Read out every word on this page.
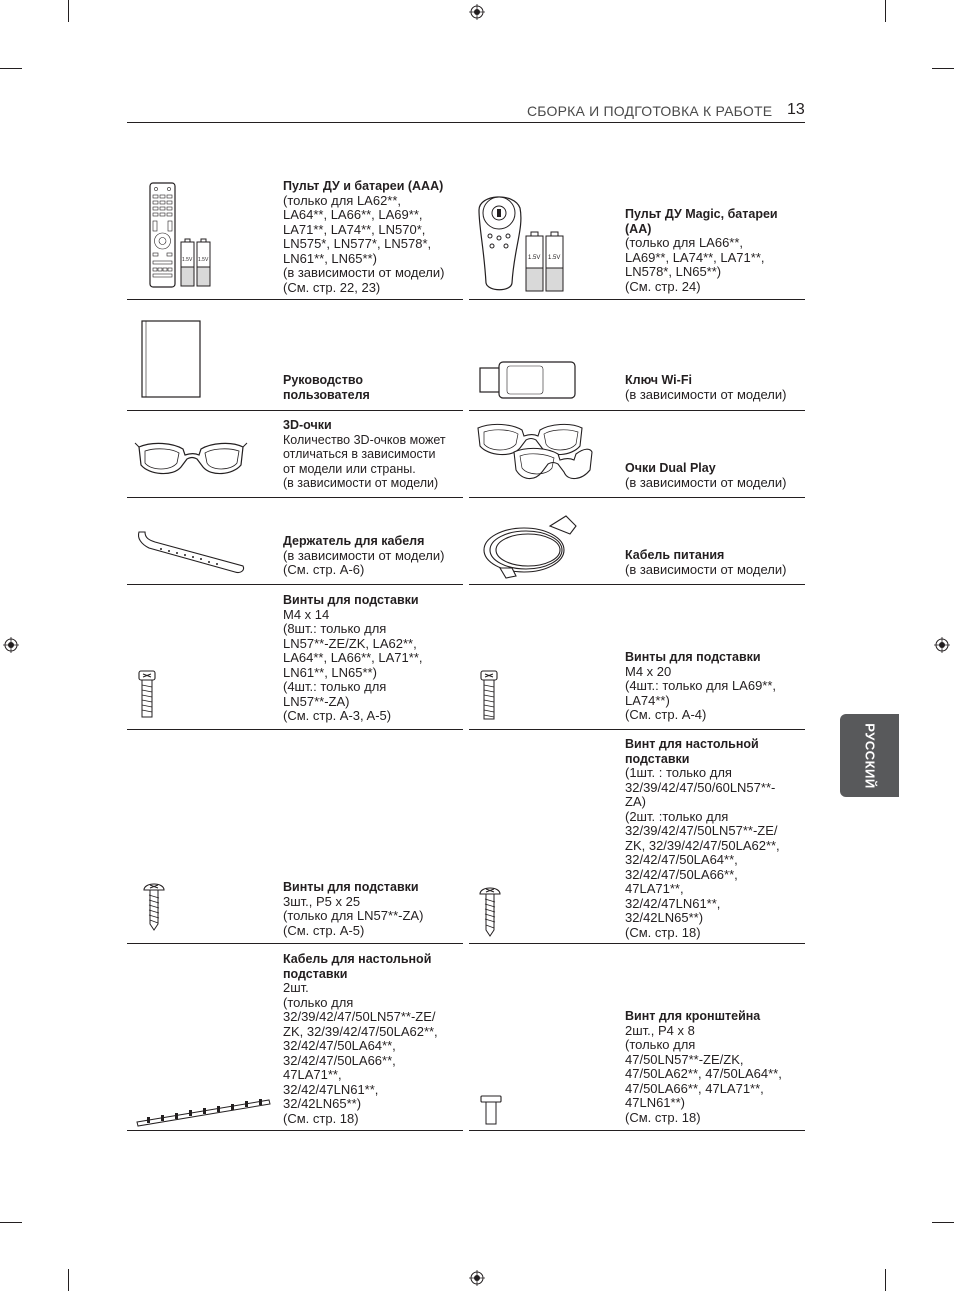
СБОРКА И ПОДГОТОВКА К РАБОТЕ 13
РУССКИЙ
1.5V 1.5V
Пульт ДУ и батареи (AAA)
(только для LA62**,
LA64**, LA66**, LA69**,
LA71**, LA74**, LN570*,
LN575*, LN577*, LN578*,
LN61**, LN65**)
(в зависимости от модели)
(См. стр. 22, 23)
1.5V 1.5V
Пульт ДУ Magic, батареи
(AA)
(только для LA66**,
LA69**, LA74**, LA71**,
LN578*, LN65**)
(См. стр. 24)
Руководство
пользователя
Ключ Wi-Fi
(в зависимости от модели)
3D-очки
Количество 3D-очков может
отличаться в зависимости
от модели или страны.
(в зависимости от модели)
Очки Dual Play
(в зависимости от модели)
Держатель для кабеля
(в зависимости от модели)
(См. стр. A-6)
Кабель питания
(в зависимости от модели)
Винты для подставки
M4 x 14
(8шт.: только для
LN57**-ZE/ZK, LA62**,
LA64**, LA66**, LA71**,
LN61**, LN65**)
(4шт.: только для
LN57**-ZA)
(См. стр. A-3, A-5)
Винты для подставки
M4 x 20
(4шт.: только для LA69**,
LA74**)
(См. стр. A-4)
Винты для подставки
3шт., P5 x 25
(только для LN57**-ZA)
(См. стр. A-5)
Винт для настольной
подставки
(1шт. : только для
32/39/42/47/50/60LN57**-
ZA)
(2шт. :только для
32/39/42/47/50LN57**-ZE/
ZK, 32/39/42/47/50LA62**,
32/42/47/50LA64**,
32/42/47/50LA66**,
47LA71**,
32/42/47LN61**,
32/42LN65**)
(См. стр. 18)
Кабель для настольной
подставки
2шт.
(только для
32/39/42/47/50LN57**-ZE/
ZK, 32/39/42/47/50LA62**,
32/42/47/50LA64**,
32/42/47/50LA66**,
47LA71**,
32/42/47LN61**,
32/42LN65**)
(См. стр. 18)
Винт для кронштейна
2шт., P4 x 8
(только для
47/50LN57**-ZE/ZK,
47/50LA62**, 47/50LA64**,
47/50LA66**, 47LA71**,
47LN61**)
(См. стр. 18)
